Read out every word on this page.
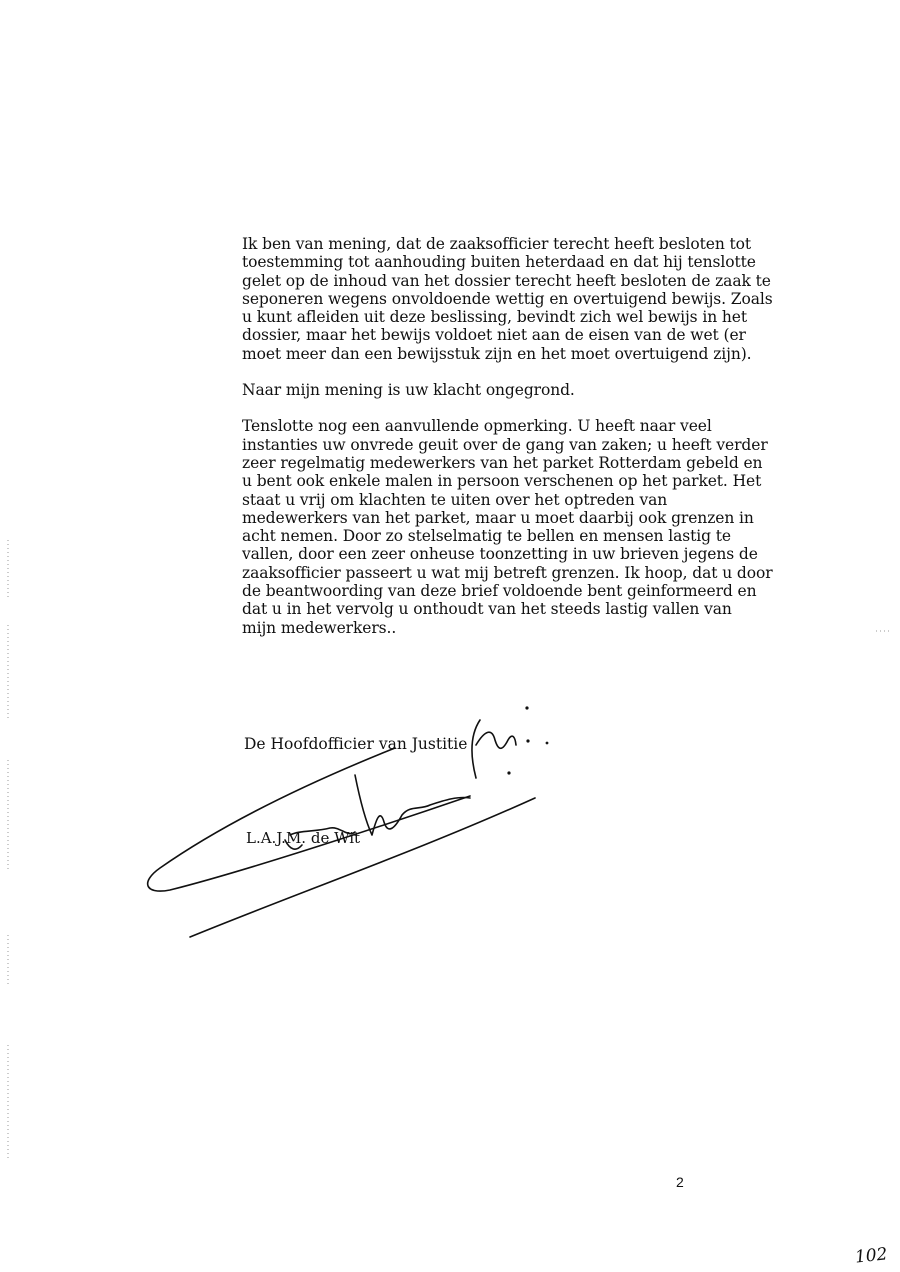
Ik ben van mening, dat de zaaksofficier terecht heeft besloten tot
toestemming tot aanhouding buiten heterdaad en dat hij tenslotte
gelet op de inhoud van het dossier terecht heeft besloten de zaak te
seponeren wegens onvoldoende wettig en overtuigend bewijs. Zoals
u kunt afleiden uit deze beslissing, bevindt zich wel bewijs in het
dossier, maar het bewijs voldoet niet aan de eisen van de wet (er
moet meer dan een bewijsstuk zijn en het moet overtuigend zijn).

Naar mijn mening is uw klacht ongegrond.

Tenslotte nog een aanvullende opmerking. U heeft naar veel
instanties uw onvrede geuit over de gang van zaken; u heeft verder
zeer regelmatig medewerkers van het parket Rotterdam gebeld en
u bent ook enkele malen in persoon verschenen op het parket. Het
staat u vrij om klachten te uiten over het optreden van
medewerkers van het parket, maar u moet daarbij ook grenzen in
acht nemen. Door zo stelselmatig te bellen en mensen lastig te
vallen, door een zeer onheuse toonzetting in uw brieven jegens de
zaaksofficier passeert u wat mij betreft grenzen. Ik hoop, dat u door
de beantwoording van deze brief voldoende bent geinformeerd en
dat u in het vervolg u onthoudt van het steeds lastig vallen van
mijn medewerkers..

De Hoofdofficier van Justitie

L.A.J.M. de Wit

2
102
